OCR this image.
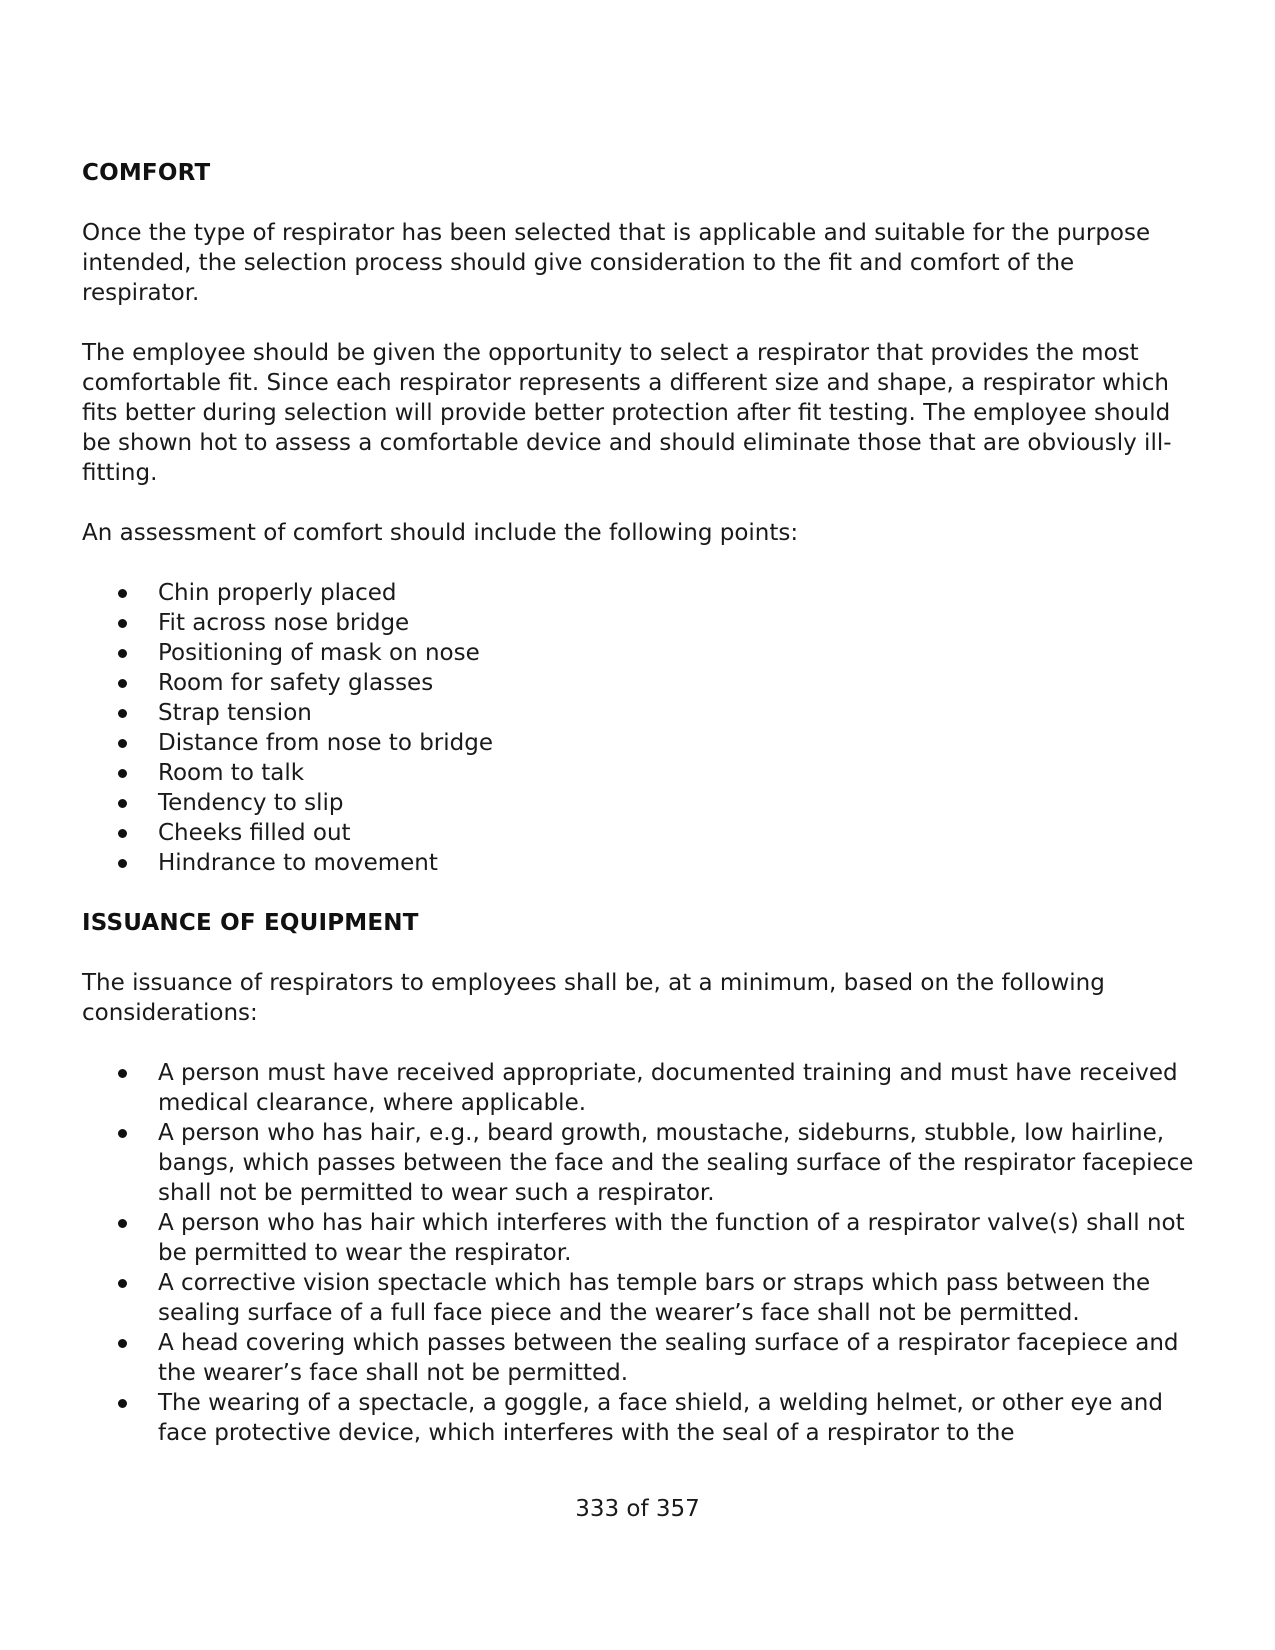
COMFORT

Once the type of respirator has been selected that is applicable and suitable for the purpose intended, the selection process should give consideration to the fit and comfort of the respirator.

The employee should be given the opportunity to select a respirator that provides the most comfortable fit. Since each respirator represents a different size and shape, a respirator which fits better during selection will provide better protection after fit testing. The employee should be shown hot to assess a comfortable device and should eliminate those that are obviously ill-fitting.

An assessment of comfort should include the following points:

Chin properly placed
Fit across nose bridge
Positioning of mask on nose
Room for safety glasses
Strap tension
Distance from nose to bridge
Room to talk
Tendency to slip
Cheeks filled out
Hindrance to movement
ISSUANCE OF EQUIPMENT

The issuance of respirators to employees shall be, at a minimum, based on the following considerations:

A person must have received appropriate, documented training and must have received medical clearance, where applicable.
A person who has hair, e.g., beard growth, moustache, sideburns, stubble, low hairline, bangs, which passes between the face and the sealing surface of the respirator facepiece shall not be permitted to wear such a respirator.
A person who has hair which interferes with the function of a respirator valve(s) shall not be permitted to wear the respirator.
A corrective vision spectacle which has temple bars or straps which pass between the sealing surface of a full face piece and the wearer’s face shall not be permitted.
A head covering which passes between the sealing surface of a respirator facepiece and the wearer’s face shall not be permitted.
The wearing of a spectacle, a goggle, a face shield, a welding helmet, or other eye and face protective device, which interferes with the seal of a respirator to the
333 of 357
